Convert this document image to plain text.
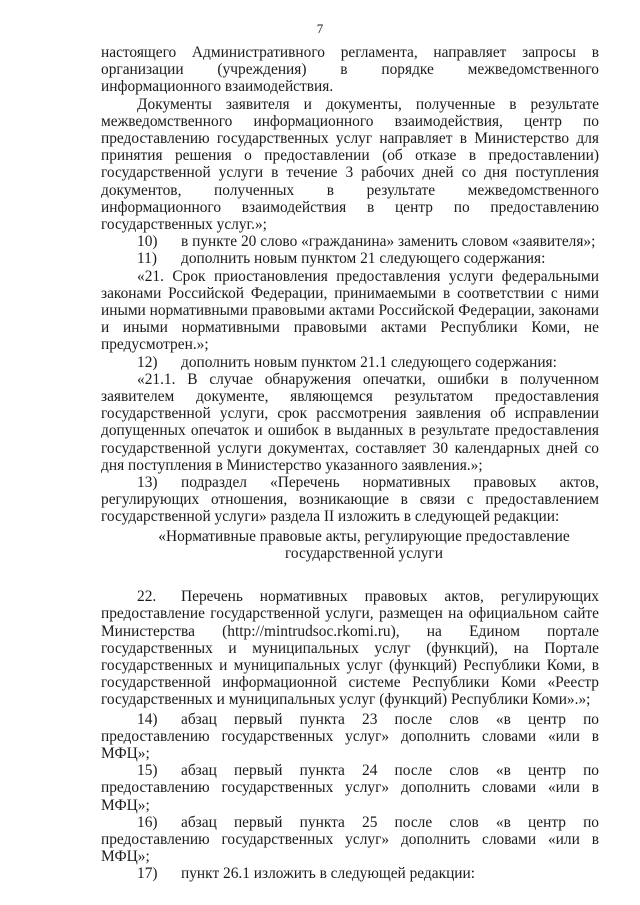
7

настоящего Административного регламента, направляет запросы в организации (учреждения) в порядке межведомственного информационного взаимодействия.

Документы заявителя и документы, полученные в результате межведомственного информационного взаимодействия, центр по предоставлению государственных услуг направляет в Министерство для принятия решения о предоставлении (об отказе в предоставлении) государственной услуги в течение 3 рабочих дней со дня поступления документов, полученных в результате межведомственного информационного взаимодействия в центр по предоставлению государственных услуг.»;

10) в пункте 20 слово «гражданина» заменить словом «заявителя»;

11) дополнить новым пунктом 21 следующего содержания:

«21. Срок приостановления предоставления услуги федеральными законами Российской Федерации, принимаемыми в соответствии с ними иными нормативными правовыми актами Российской Федерации, законами и иными нормативными правовыми актами Республики Коми, не предусмотрен.»;

12) дополнить новым пунктом 21.1 следующего содержания:

«21.1. В случае обнаружения опечатки, ошибки в полученном заявителем документе, являющемся результатом предоставления государственной услуги, срок рассмотрения заявления об исправлении допущенных опечаток и ошибок в выданных в результате предоставления государственной услуги документах, составляет 30 календарных дней со дня поступления в Министерство указанного заявления.»;

13) подраздел «Перечень нормативных правовых актов, регулирующих отношения, возникающие в связи с предоставлением государственной услуги» раздела II изложить в следующей редакции:

«Нормативные правовые акты, регулирующие предоставление

государственной услуги

22. Перечень нормативных правовых актов, регулирующих предоставление государственной услуги, размещен на официальном сайте Министерства (http://mintrudsoc.rkomi.ru), на Едином портале государственных и муниципальных услуг (функций), на Портале государственных и муниципальных услуг (функций) Республики Коми, в государственной информационной системе Республики Коми «Реестр государственных и муниципальных услуг (функций) Республики Коми».»;

14) абзац первый пункта 23 после слов «в центр по предоставлению государственных услуг» дополнить словами «или в МФЦ»;

15) абзац первый пункта 24 после слов «в центр по предоставлению государственных услуг» дополнить словами «или в МФЦ»;

16) абзац первый пункта 25 после слов «в центр по предоставлению государственных услуг» дополнить словами «или в МФЦ»;

17) пункт 26.1 изложить в следующей редакции:
